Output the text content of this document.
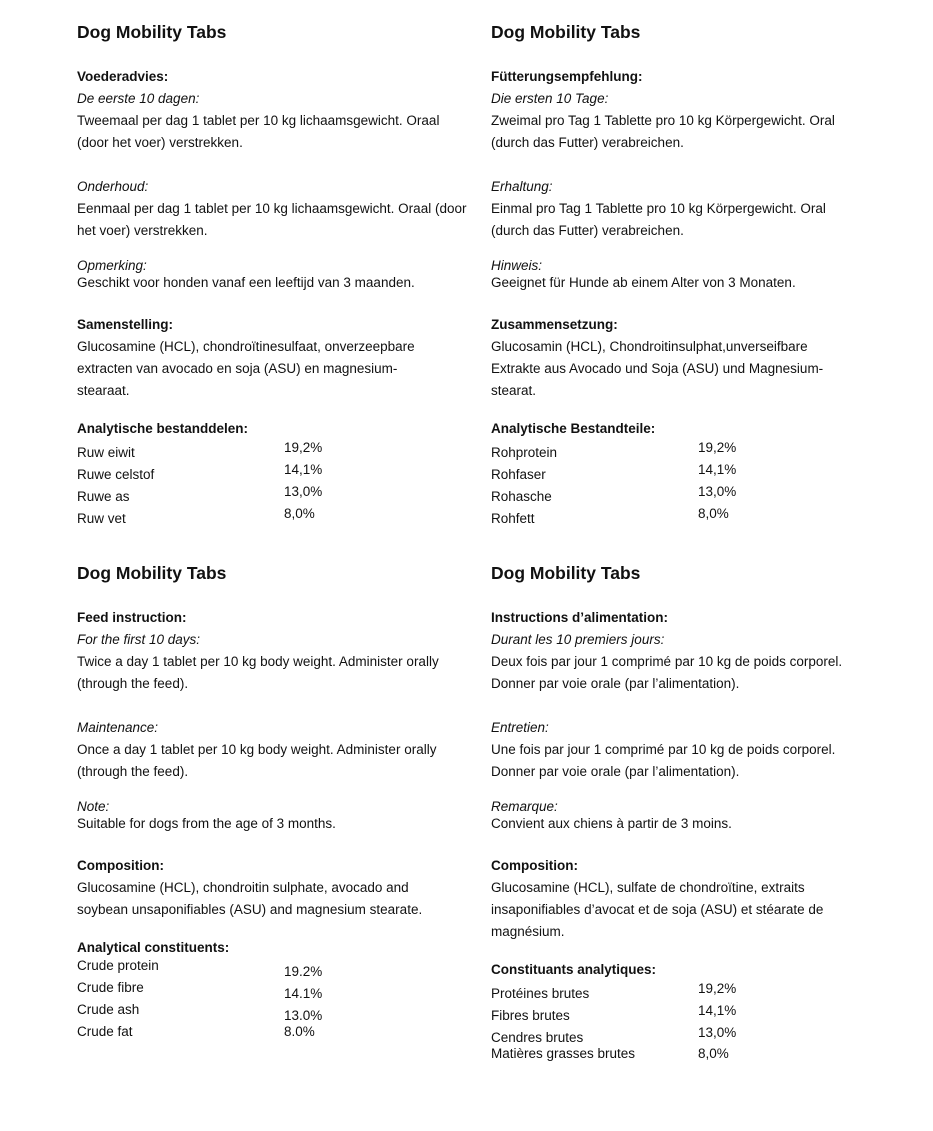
Dog Mobility Tabs

Voederadvies:

De eerste 10 dagen:

Tweemaal per dag 1 tablet per 10 kg lichaamsgewicht. Oraal (door het voer) verstrekken.

Onderhoud:

Eenmaal per dag 1 tablet per 10 kg lichaamsgewicht. Oraal (door het voer) verstrekken.

Opmerking:

Geschikt voor honden vanaf een leeftijd van 3 maanden.

Samenstelling:

Glucosamine (HCL), chondroïtinesulfaat, onverzeepbare extracten van avocado en soja (ASU) en magnesium-stearaat.

Analytische bestanddelen:

Ruw eiwit	19,2%
Ruwe celstof	14,1%
Ruwe as	13,0%
Ruw vet	8,0%
Dog Mobility Tabs

Fütterungsempfehlung:

Die ersten 10 Tage:

Zweimal pro Tag 1 Tablette pro 10 kg Körpergewicht. Oral (durch das Futter) verabreichen.

Erhaltung:

Einmal pro Tag 1 Tablette pro 10 kg Körpergewicht. Oral (durch das Futter) verabreichen.

Hinweis:

Geeignet für Hunde ab einem Alter von 3 Monaten.

Zusammensetzung:

Glucosamin (HCL), Chondroitinsulphat,unverseifbare Extrakte aus Avocado und Soja (ASU) und Magnesium-stearat.

Analytische Bestandteile:

Rohprotein	19,2%
Rohfaser	14,1%
Rohasche	13,0%
Rohfett	8,0%
Dog Mobility Tabs

Feed instruction:

For the first 10 days:

Twice a day 1 tablet per 10 kg body weight. Administer orally (through the feed).

Maintenance:

Once a day 1 tablet per 10 kg body weight. Administer orally (through the feed).

Note:

Suitable for dogs from the age of 3 months.

Composition:

Glucosamine (HCL), chondroitin sulphate, avocado and soybean unsaponifiables (ASU) and magnesium stearate.

Analytical constituents:

Crude protein	19.2%
Crude fibre	14.1%
Crude ash	13.0%
Crude fat	8.0%
Dog Mobility Tabs

Instructions d’alimentation:

Durant les 10 premiers jours:

Deux fois par jour 1 comprimé par 10 kg de poids corporel. Donner par voie orale (par l’alimentation).

Entretien:

Une fois par jour 1 comprimé par 10 kg de poids corporel. Donner par voie orale (par l’alimentation).

Remarque:

Convient aux chiens à partir de 3 moins.

Composition:

Glucosamine (HCL), sulfate de chondroïtine, extraits insaponifiables d’avocat et de soja (ASU) et stéarate de magnésium.

Constituants analytiques:

Protéines brutes	19,2%
Fibres brutes	14,1%
Cendres brutes	13,0%
Matières grasses brutes	8,0%
